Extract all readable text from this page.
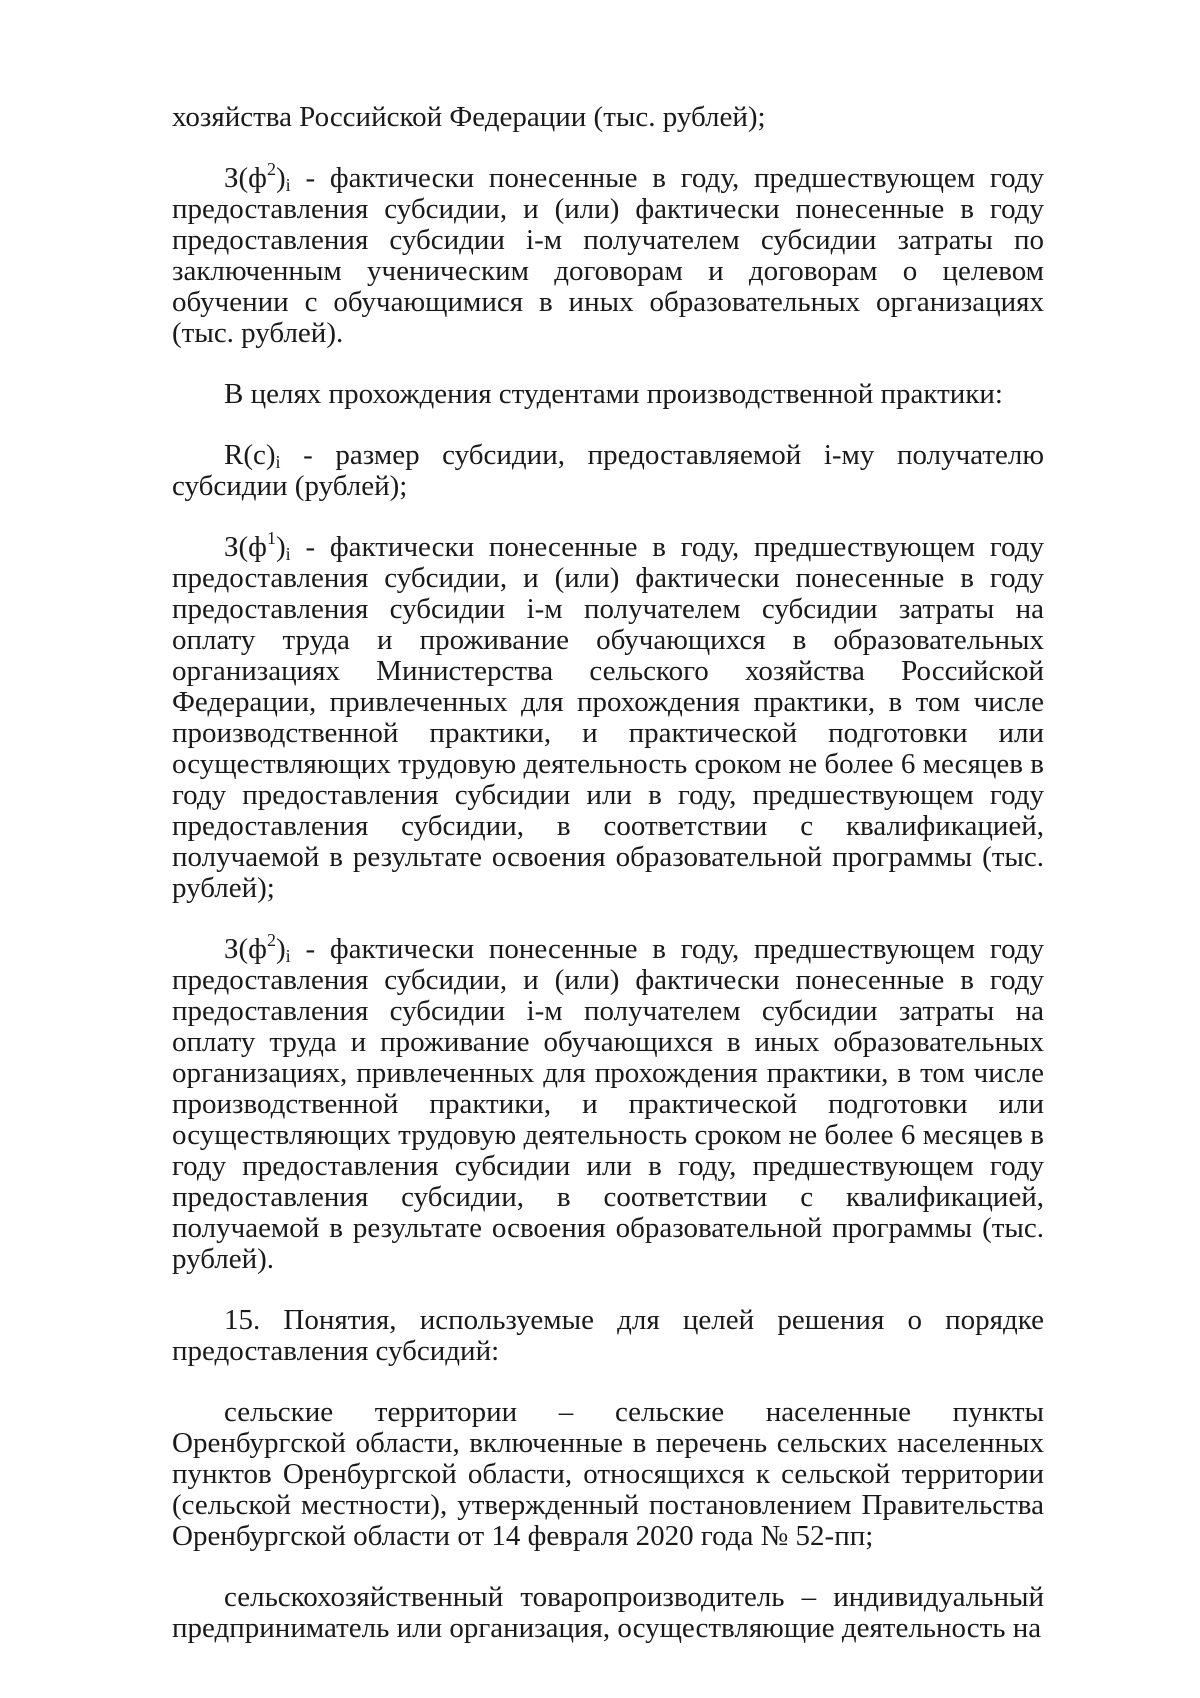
хозяйства Российской Федерации (тыс. рублей);

$З(ф^2)_i$ - фактически понесенные в году, предшествующем году предоставления субсидии, и (или) фактически понесенные в году предоставления субсидии i-м получателем субсидии затраты по заключенным ученическим договорам и договорам о целевом обучении с обучающимися в иных образовательных организациях (тыс. рублей).

В целях прохождения студентами производственной практики:

$R(c)_i$ - размер субсидии, предоставляемой i-му получателю субсидии (рублей);

$З(ф^1)_i$ - фактически понесенные в году, предшествующем году предоставления субсидии, и (или) фактически понесенные в году предоставления субсидии i-м получателем субсидии затраты на оплату труда и проживание обучающихся в образовательных организациях Министерства сельского хозяйства Российской Федерации, привлеченных для прохождения практики, в том числе производственной практики, и практической подготовки или осуществляющих трудовую деятельность сроком не более 6 месяцев в году предоставления субсидии или в году, предшествующем году предоставления субсидии, в соответствии с квалификацией, получаемой в результате освоения образовательной программы (тыс. рублей);

$З(ф^2)_i$ - фактически понесенные в году, предшествующем году предоставления субсидии, и (или) фактически понесенные в году предоставления субсидии i-м получателем субсидии затраты на оплату труда и проживание обучающихся в иных образовательных организациях, привлеченных для прохождения практики, в том числе производственной практики, и практической подготовки или осуществляющих трудовую деятельность сроком не более 6 месяцев в году предоставления субсидии или в году, предшествующем году предоставления субсидии, в соответствии с квалификацией, получаемой в результате освоения образовательной программы (тыс. рублей).

15. Понятия, используемые для целей решения о порядке предоставления субсидий:

сельские территории – сельские населенные пункты Оренбургской области, включенные в перечень сельских населенных пунктов Оренбургской области, относящихся к сельской территории (сельской местности), утвержденный постановлением Правительства Оренбургской области от 14 февраля 2020 года № 52-пп;

сельскохозяйственный товаропроизводитель – индивидуальный предприниматель или организация, осуществляющие деятельность на
